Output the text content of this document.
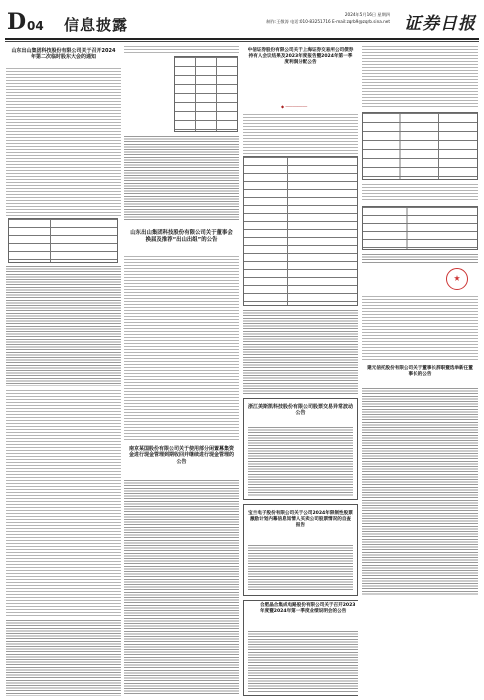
D 04 信息披露
2024年5月16日 星期四
制作:王敬涛 电话:010-83251716 E-mail:zqrb9@zqrb.sina.net 证券日报
山东出山集团科技股份有限公司关于召开2024年第二次临时股东大会的通知
山东出山集团科技股份有限公司关于董事会换届及推荐“出山出组”的公告
南京某国股份有限公司关于使用部分闲置募集资金进行现金管理到期收回并继续进行现金管理的公告
中信证券股份有限公司关于上海证券交易所公司债券持有人会议结果及2023年度报告暨2024年第一季度利润分配公告
◆ ─────────
浙江美斯凯科技股份有限公司股票交易异常波动公告
宝兰电子股份有限公司关于公司2024年限制性股票激励计划内幕信息知情人买卖公司股票情况的自查报告
合肥晶合集成电路股份有限公司关于召开2023年度暨2024年第一季度业绩说明会的公告
建元信托股份有限公司关于董事长辞职暨选举新任董事长的公告
